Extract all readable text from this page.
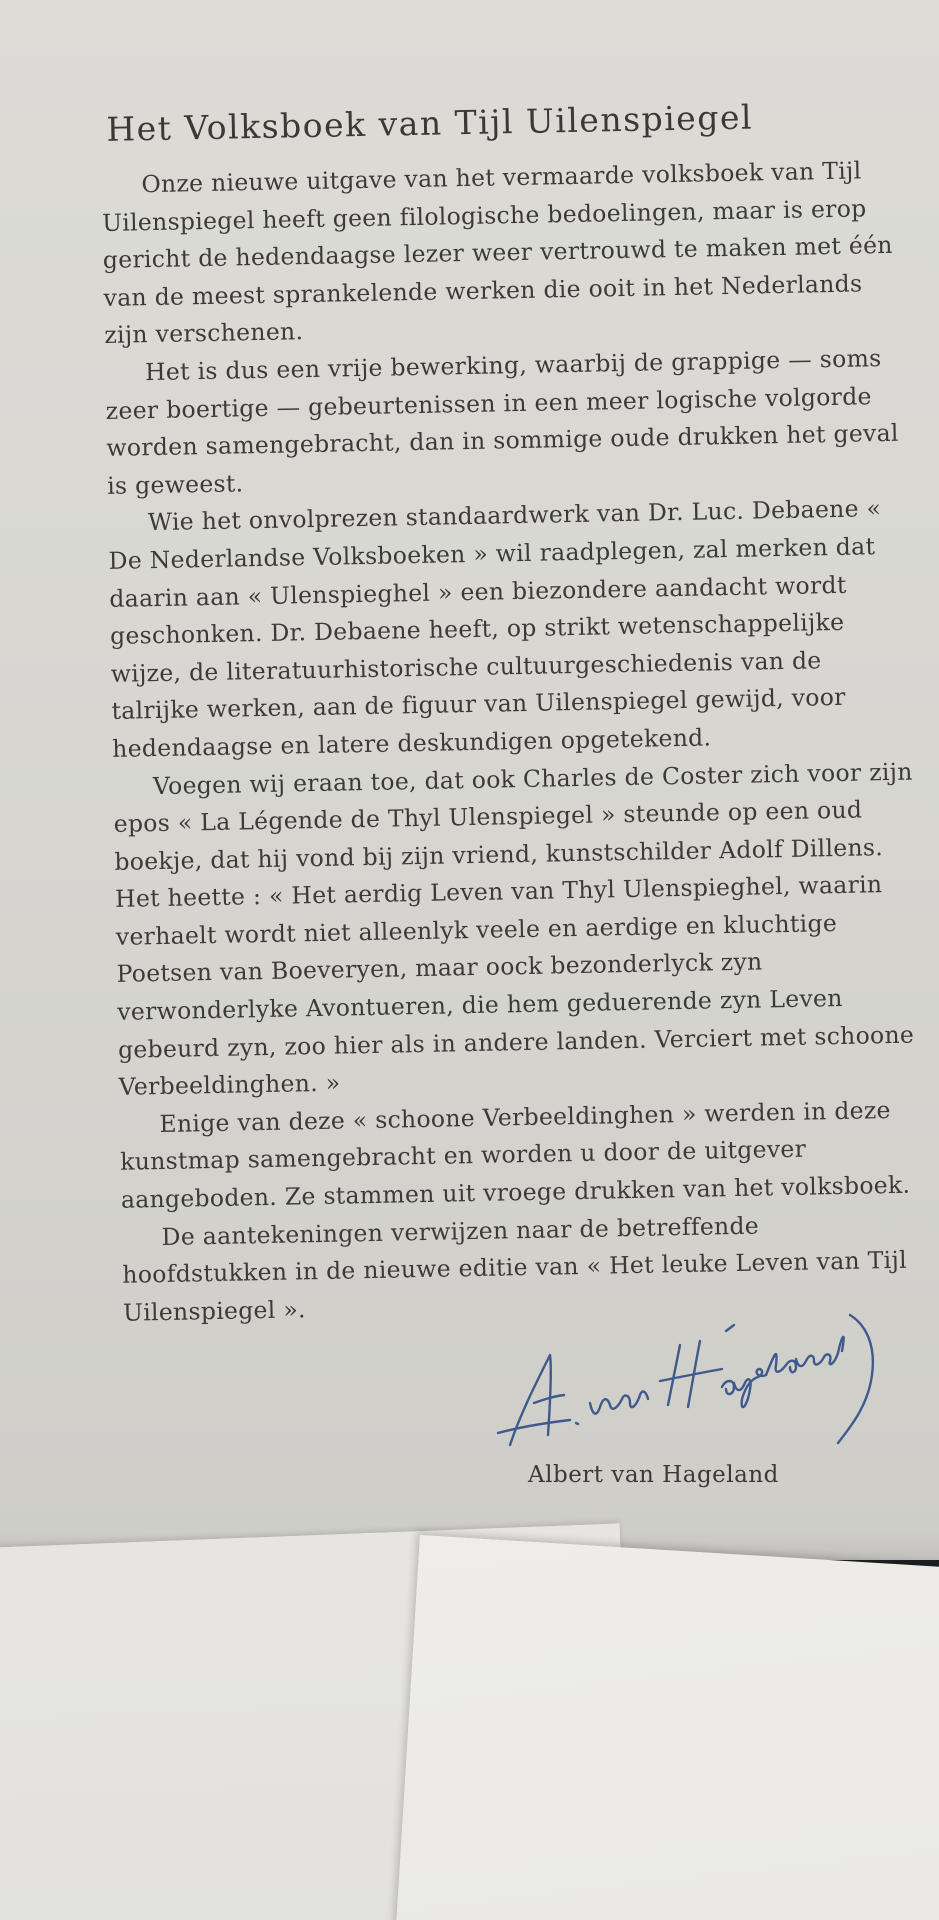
Het Volksboek van Tijl Uilenspiegel

Onze nieuwe uitgave van het vermaarde volksboek van Tijl Uilenspiegel heeft geen filologische bedoelingen, maar is erop gericht de hedendaagse lezer weer vertrouwd te maken met één van de meest sprankelende werken die ooit in het Nederlands zijn verschenen.

Het is dus een vrije bewerking, waarbij de grappige — soms zeer boertige — gebeurtenissen in een meer logische volgorde worden samengebracht, dan in sommige oude drukken het geval is geweest.

Wie het onvolprezen standaardwerk van Dr. Luc. Debaene « De Nederlandse Volksboeken » wil raadplegen, zal merken dat daarin aan « Ulenspieghel » een biezondere aandacht wordt geschonken. Dr. Debaene heeft, op strikt wetenschappelijke wijze, de literatuurhistorische cultuurgeschiedenis van de talrijke werken, aan de figuur van Uilenspiegel gewijd, voor hedendaagse en latere deskundigen opgetekend.

Voegen wij eraan toe, dat ook Charles de Coster zich voor zijn epos « La Légende de Thyl Ulenspiegel » steunde op een oud boekje, dat hij vond bij zijn vriend, kunstschilder Adolf Dillens. Het heette : « Het aerdig Leven van Thyl Ulenspieghel, waarin verhaelt wordt niet alleenlyk veele en aerdige en kluchtige Poetsen van Boeveryen, maar oock bezonderlyck zyn verwonderlyke Avontueren, die hem geduerende zyn Leven gebeurd zyn, zoo hier als in andere landen. Verciert met schoone Verbeeldinghen. »

Enige van deze « schoone Verbeeldinghen » werden in deze kunstmap samengebracht en worden u door de uitgever aangeboden. Ze stammen uit vroege drukken van het volksboek.

De aantekeningen verwijzen naar de betreffende hoofdstukken in de nieuwe editie van « Het leuke Leven van Tijl Uilenspiegel ».

Albert van Hageland
